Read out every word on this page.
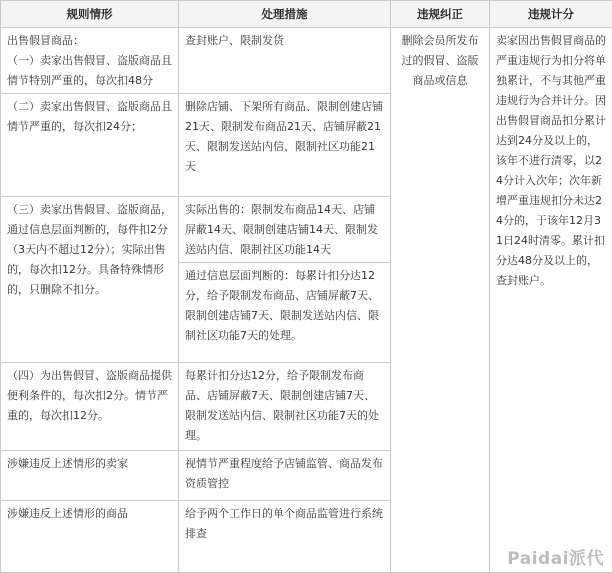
规则情形	处理措施	违规纠正	违规计分
出售假冒商品：
（一）卖家出售假冒、盗版商品且情节特别严重的，每次扣48分	查封账户、限制发货	删除会员所发布过的假冒、盗版商品或信息	卖家因出售假冒商品的严重违规行为扣分将单独累计，不与其他严重违规行为合并计分。因出售假冒商品扣分累计达到24分及以上的，该年不进行清零，以24分计入次年；次年新增严重违规扣分未达24分的，于该年12月31日24时清零。累计扣分达48分及以上的，查封账户。
（二）卖家出售假冒、盗版商品且情节严重的，每次扣24分；	删除店铺、下架所有商品、限制创建店铺21天、限制发布商品21天、店铺屏蔽21天、限制发送站内信、限制社区功能21天		
（三）卖家出售假冒、盗版商品，通过信息层面判断的，每件扣2分（3天内不超过12分）；实际出售的，每次扣12分。具备特殊情形的，只删除不扣分。	实际出售的：限制发布商品14天、店铺屏蔽14天、限制创建店铺14天、限制发送站内信、限制社区功能14天		
	通过信息层面判断的：每累计扣分达12分，给予限制发布商品、店铺屏蔽7天、限制创建店铺7天、限制发送站内信、限制社区功能7天的处理。		
（四）为出售假冒、盗版商品提供便利条件的，每次扣2分。情节严重的，每次扣12分。	每累计扣分达12分，给予限制发布商品、店铺屏蔽7天、限制创建店铺7天、限制发送站内信、限制社区功能7天的处理。		
涉嫌违反上述情形的卖家	视情节严重程度给予店铺监管、商品发布资质管控		
涉嫌违反上述情形的商品	给予两个工作日的单个商品监管进行系统排查		
Paidai派代
